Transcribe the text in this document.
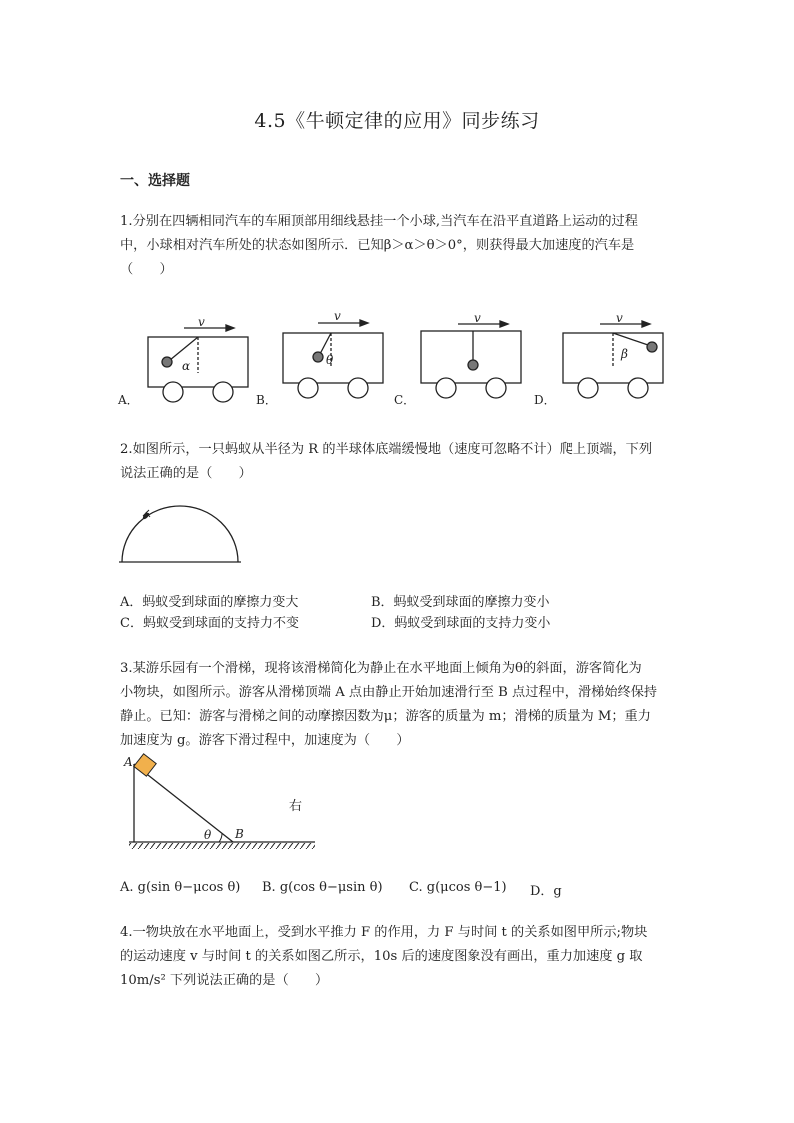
4.5《牛顿定律的应用》同步练习
一、选择题
1.分别在四辆相同汽车的车厢顶部用细线悬挂一个小球,当汽车在沿平直道路上运动的过程
中，小球相对汽车所处的状态如图所示．已知β＞α＞θ＞0°，则获得最大加速度的汽车是
（　　）
v
α
v
θ
v	v
β
A．	B．	C．	D．
2.如图所示，一只蚂蚁从半径为 R 的半球体底端缓慢地（速度可忽略不计）爬上顶端，下列
说法正确的是（　　）
A．蚂蚁受到球面的摩擦力变大	B．蚂蚁受到球面的摩擦力变小
C．蚂蚁受到球面的支持力不变	D．蚂蚁受到球面的支持力变小
3.某游乐园有一个滑梯，现将该滑梯简化为静止在水平地面上倾角为θ的斜面，游客简化为
小物块，如图所示。游客从滑梯顶端 A 点由静止开始加速滑行至 B 点过程中，滑梯始终保持
静止。已知：游客与滑梯之间的动摩擦因数为μ；游客的质量为 m；滑梯的质量为 M；重力
加速度为 g。游客下滑过程中，加速度为（　　）
A
B
θ
右
A. g(sin θ−μcos θ) B. g(cos θ−μsin θ) C. g(μcos θ−1) D．g
4.一物块放在水平地面上，受到水平推力 F 的作用，力 F 与时间 t 的关系如图甲所示;物块
的运动速度 v 与时间 t 的关系如图乙所示，10s 后的速度图象没有画出，重力加速度 g 取
10m/s² 下列说法正确的是（　　）
